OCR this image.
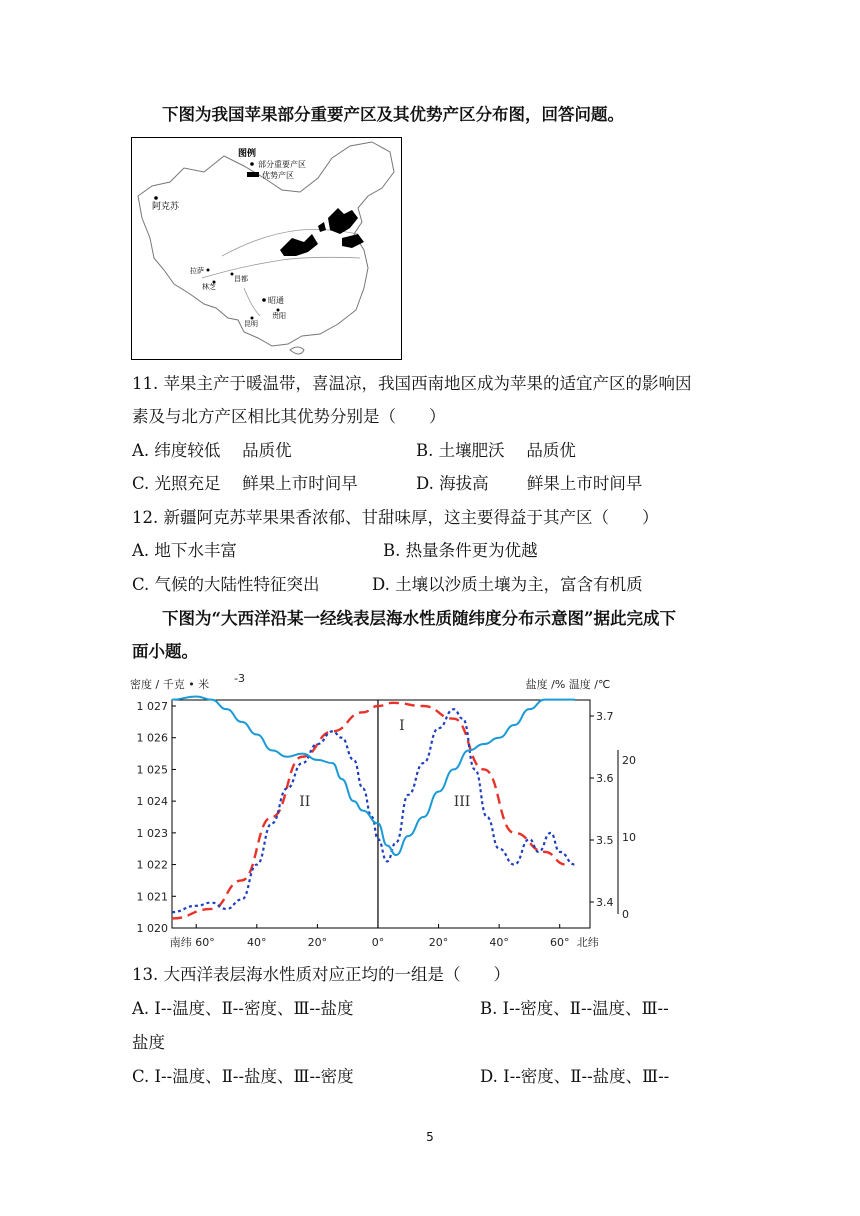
下图为我国苹果部分重要产区及其优势产区分布图，回答问题。
图例
部分重要产区
优势产区
阿克苏
拉萨
林芝
昌都
昭通
贵阳
昆明
11. 苹果主产于暖温带，喜温凉，我国西南地区成为苹果的适宜产区的影响因
素及与北方产区相比其优势分别是（　　）
A. 纬度较低　 品质优	B. 土壤肥沃　 品质优
C. 光照充足　 鲜果上市时间早	D. 海拔高　　 鲜果上市时间早
12. 新疆阿克苏苹果果香浓郁、甘甜味厚，这主要得益于其产区（　　）
A. 地下水丰富	B. 热量条件更为优越
C. 气候的大陆性特征突出	D. 土壤以沙质土壤为主，富含有机质
下图为“大西洋沿某一经线表层海水性质随纬度分布示意图”据此完成下
面小题。
密度 / 千克 • 米 -3	盐度 /% 温度 /℃
1 027
1 026
1 025
1 024
1 023
1 022
1 021
1 020
3.7
3.6
3.5
3.4
20
10
0
南纬 60°	40°	20°	0°	20°	40°	60° 北纬
I
II	III
13. 大西洋表层海水性质对应正均的一组是（　　）
A. Ⅰ--温度、Ⅱ--密度、Ⅲ--盐度	B. Ⅰ--密度、Ⅱ--温度、Ⅲ--
盐度
C. Ⅰ--温度、Ⅱ--盐度、Ⅲ--密度	D. Ⅰ--密度、Ⅱ--盐度、Ⅲ--
5
